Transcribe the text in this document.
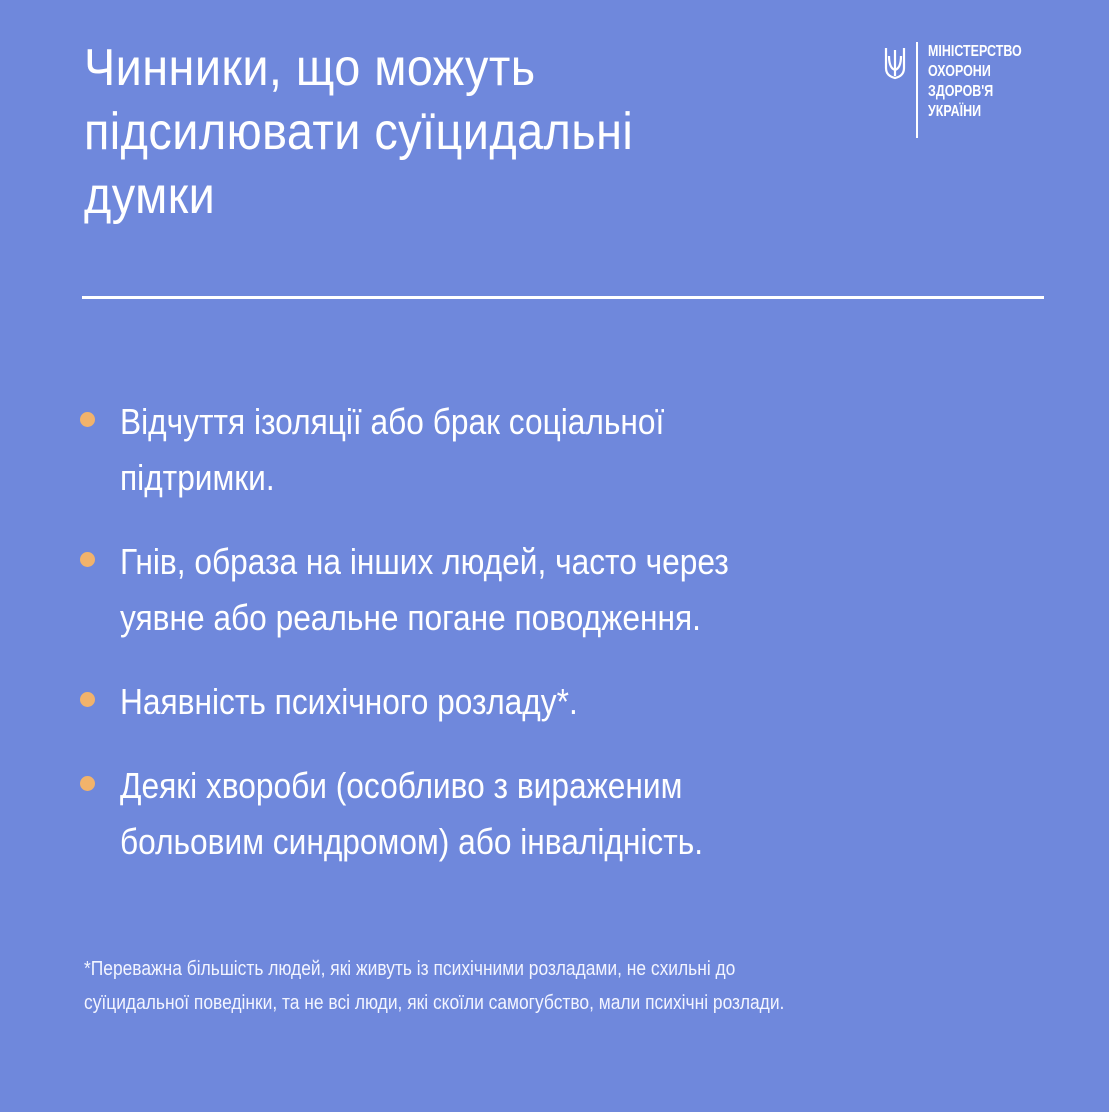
Чинники, що можуть
підсилювати суїцидальні
думки
МІНІСТЕРСТВО
ОХОРОНИ
ЗДОРОВ'Я
УКРАЇНИ
Відчуття ізоляції або брак соціальної
підтримки.
Гнів, образа на інших людей, часто через
уявне або реальне погане поводження.
Наявність психічного розладу*.
Деякі хвороби (особливо з вираженим
больовим синдромом) або інвалідність.
*Переважна більшість людей, які живуть із психічними розладами, не схильні до
суїцидальної поведінки, та не всі люди, які скоїли самогубство, мали психічні розлади.
